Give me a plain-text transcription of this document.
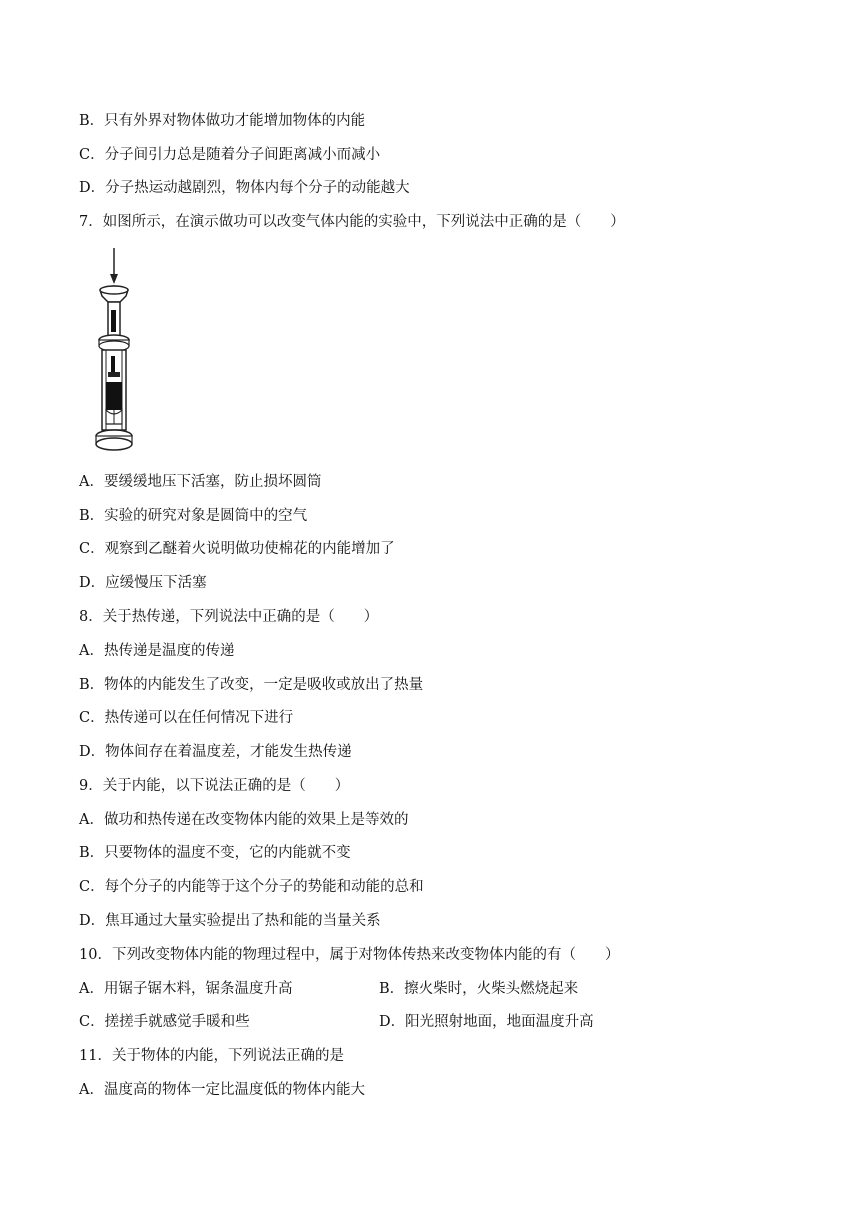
B．只有外界对物体做功才能增加物体的内能
C．分子间引力总是随着分子间距离减小而减小
D．分子热运动越剧烈，物体内每个分子的动能越大
7．如图所示，在演示做功可以改变气体内能的实验中，下列说法中正确的是（　　）
A．要缓缓地压下活塞，防止损坏圆筒
B．实验的研究对象是圆筒中的空气
C．观察到乙醚着火说明做功使棉花的内能增加了
D．应缓慢压下活塞
8．关于热传递，下列说法中正确的是（　　）
A．热传递是温度的传递
B．物体的内能发生了改变，一定是吸收或放出了热量
C．热传递可以在任何情况下进行
D．物体间存在着温度差，才能发生热传递
9．关于内能，以下说法正确的是（　　）
A．做功和热传递在改变物体内能的效果上是等效的
B．只要物体的温度不变，它的内能就不变
C．每个分子的内能等于这个分子的势能和动能的总和
D．焦耳通过大量实验提出了热和能的当量关系
10．下列改变物体内能的物理过程中，属于对物体传热来改变物体内能的有（　　）
A．用锯子锯木料，锯条温度升高	B．擦火柴时，火柴头燃烧起来
C．搓搓手就感觉手暖和些	D．阳光照射地面，地面温度升高
11．关于物体的内能，下列说法正确的是
A．温度高的物体一定比温度低的物体内能大
